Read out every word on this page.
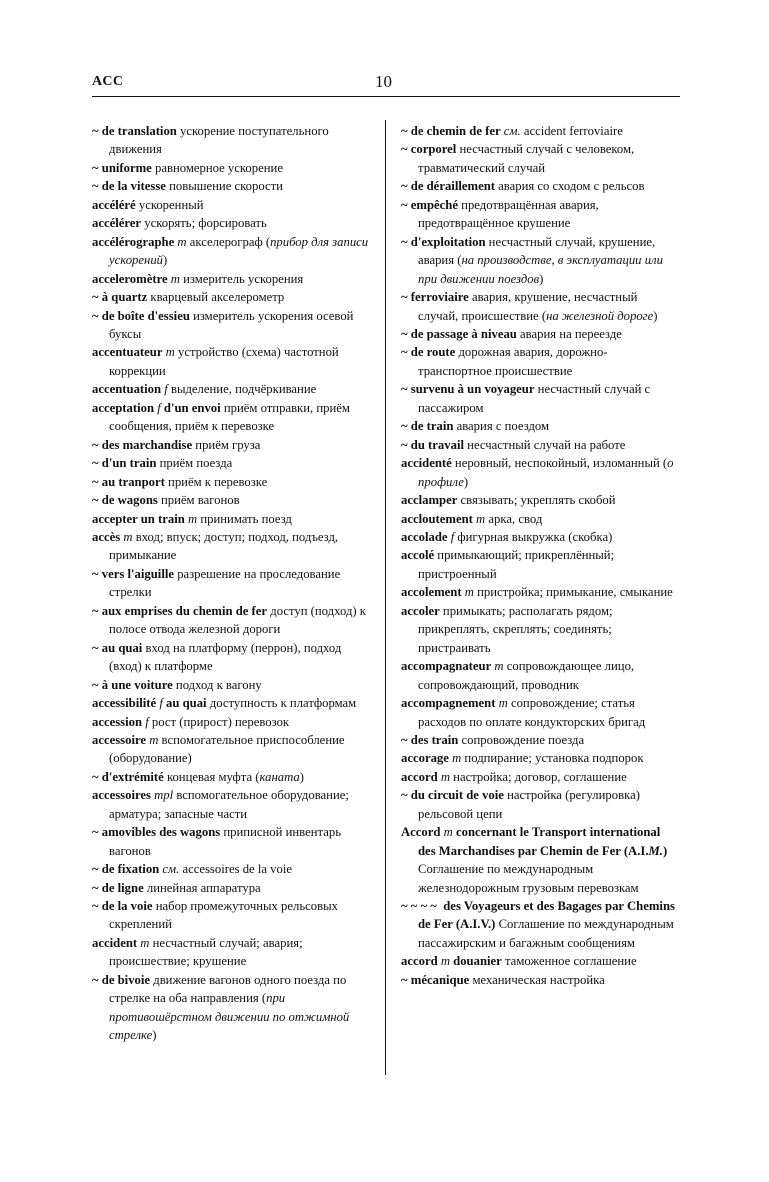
ACC	10
~ de translation ускорение поступательного движения
~ uniforme равномерное ускорение
~ de la vitesse повышение скорости
accéléré ускоренный
accélérer ускорять; форсировать
accélérographe m акселерограф (прибор для записи ускорений)
acceleromètre m измеритель ускорения
~ à quartz кварцевый акселерометр
~ de boîte d'essieu измеритель ускорения осевой буксы
accentuateur m устройство (схема) частотной коррекции
accentuation f выделение, подчёркивание
acceptation f d'un envoi приём отправки, приём сообщения, приём к перевозке
~ des marchandise приём груза
~ d'un train приём поезда
~ au tranport приём к перевозке
~ de wagons приём вагонов
accepter un train m принимать поезд
accès m вход; впуск; доступ; подход, подъезд, примыкание
~ vers l'aiguille разрешение на проследование стрелки
~ aux emprises du chemin de fer доступ (подход) к полосе отвода железной дороги
~ au quai вход на платформу (перрон), подход (вход) к платформе
~ à une voiture подход к вагону
accessibilité f au quai доступность к платформам
accession f рост (прирост) перевозок
accessoire m вспомогательное приспособление (оборудование)
~ d'extrémité концевая муфта (каната)
accessoires mpl вспомогательное оборудование; арматура; запасные части
~ amovibles des wagons приписной инвентарь вагонов
~ de fixation см. accessoires de la voie
~ de ligne линейная аппаратура
~ de la voie набор промежуточных рельсовых скреплений
accident m несчастный случай; авария; происшествие; крушение
~ de bivoie движение вагонов одного поезда по стрелке на оба направления (при противошёрстном движении по отжимной стрелке)
~ de chemin de fer см. accident ferroviaire
~ corporel несчастный случай с человеком, травматический случай
~ de déraillement авария со сходом с рельсов
~ empêché предотвращённая авария, предотвращённое крушение
~ d'exploitation несчастный случай, крушение, авария (на производстве, в эксплуатации или при движении поездов)
~ ferroviaire авария, крушение, несчастный случай, происшествие (на железной дороге)
~ de passage à niveau авария на переезде
~ de route дорожная авария, дорожно-транспортное происшествие
~ survenu à un voyageur несчастный случай с пассажиром
~ de train авария с поездом
~ du travail несчастный случай на работе
accidenté неровный, неспокойный, изломанный (о профиле)
acclamper связывать; укреплять скобой
accloutement m арка, свод
accolade f фигурная выкружка (скобка)
accolé примыкающий; прикреплённый; пристроенный
accolement m пристройка; примыкание, смыкание
accoler примыкать; располагать рядом; прикреплять, скреплять; соединять; пристраивать
accompagnateur m сопровождающее лицо, сопровождающий, проводник
accompagnement m сопровождение; статья расходов по оплате кондукторских бригад
~ des train сопровождение поезда
accorage m подпирание; установка подпорок
accord m настройка; договор, соглашение
~ du circuit de voie настройка (регулировка) рельсовой цепи
Accord m concernant le Transport international des Marchandises par Chemin de Fer (A.I.M.) Соглашение по международным железнодорожным грузовым перевозкам
~ ~ ~ ~  des Voyageurs et des Bagages par Chemins de Fer (A.I.V.) Соглашение по международным пассажирским и багажным сообщениям
accord m douanier таможенное соглашение
~ mécanique механическая настройка
